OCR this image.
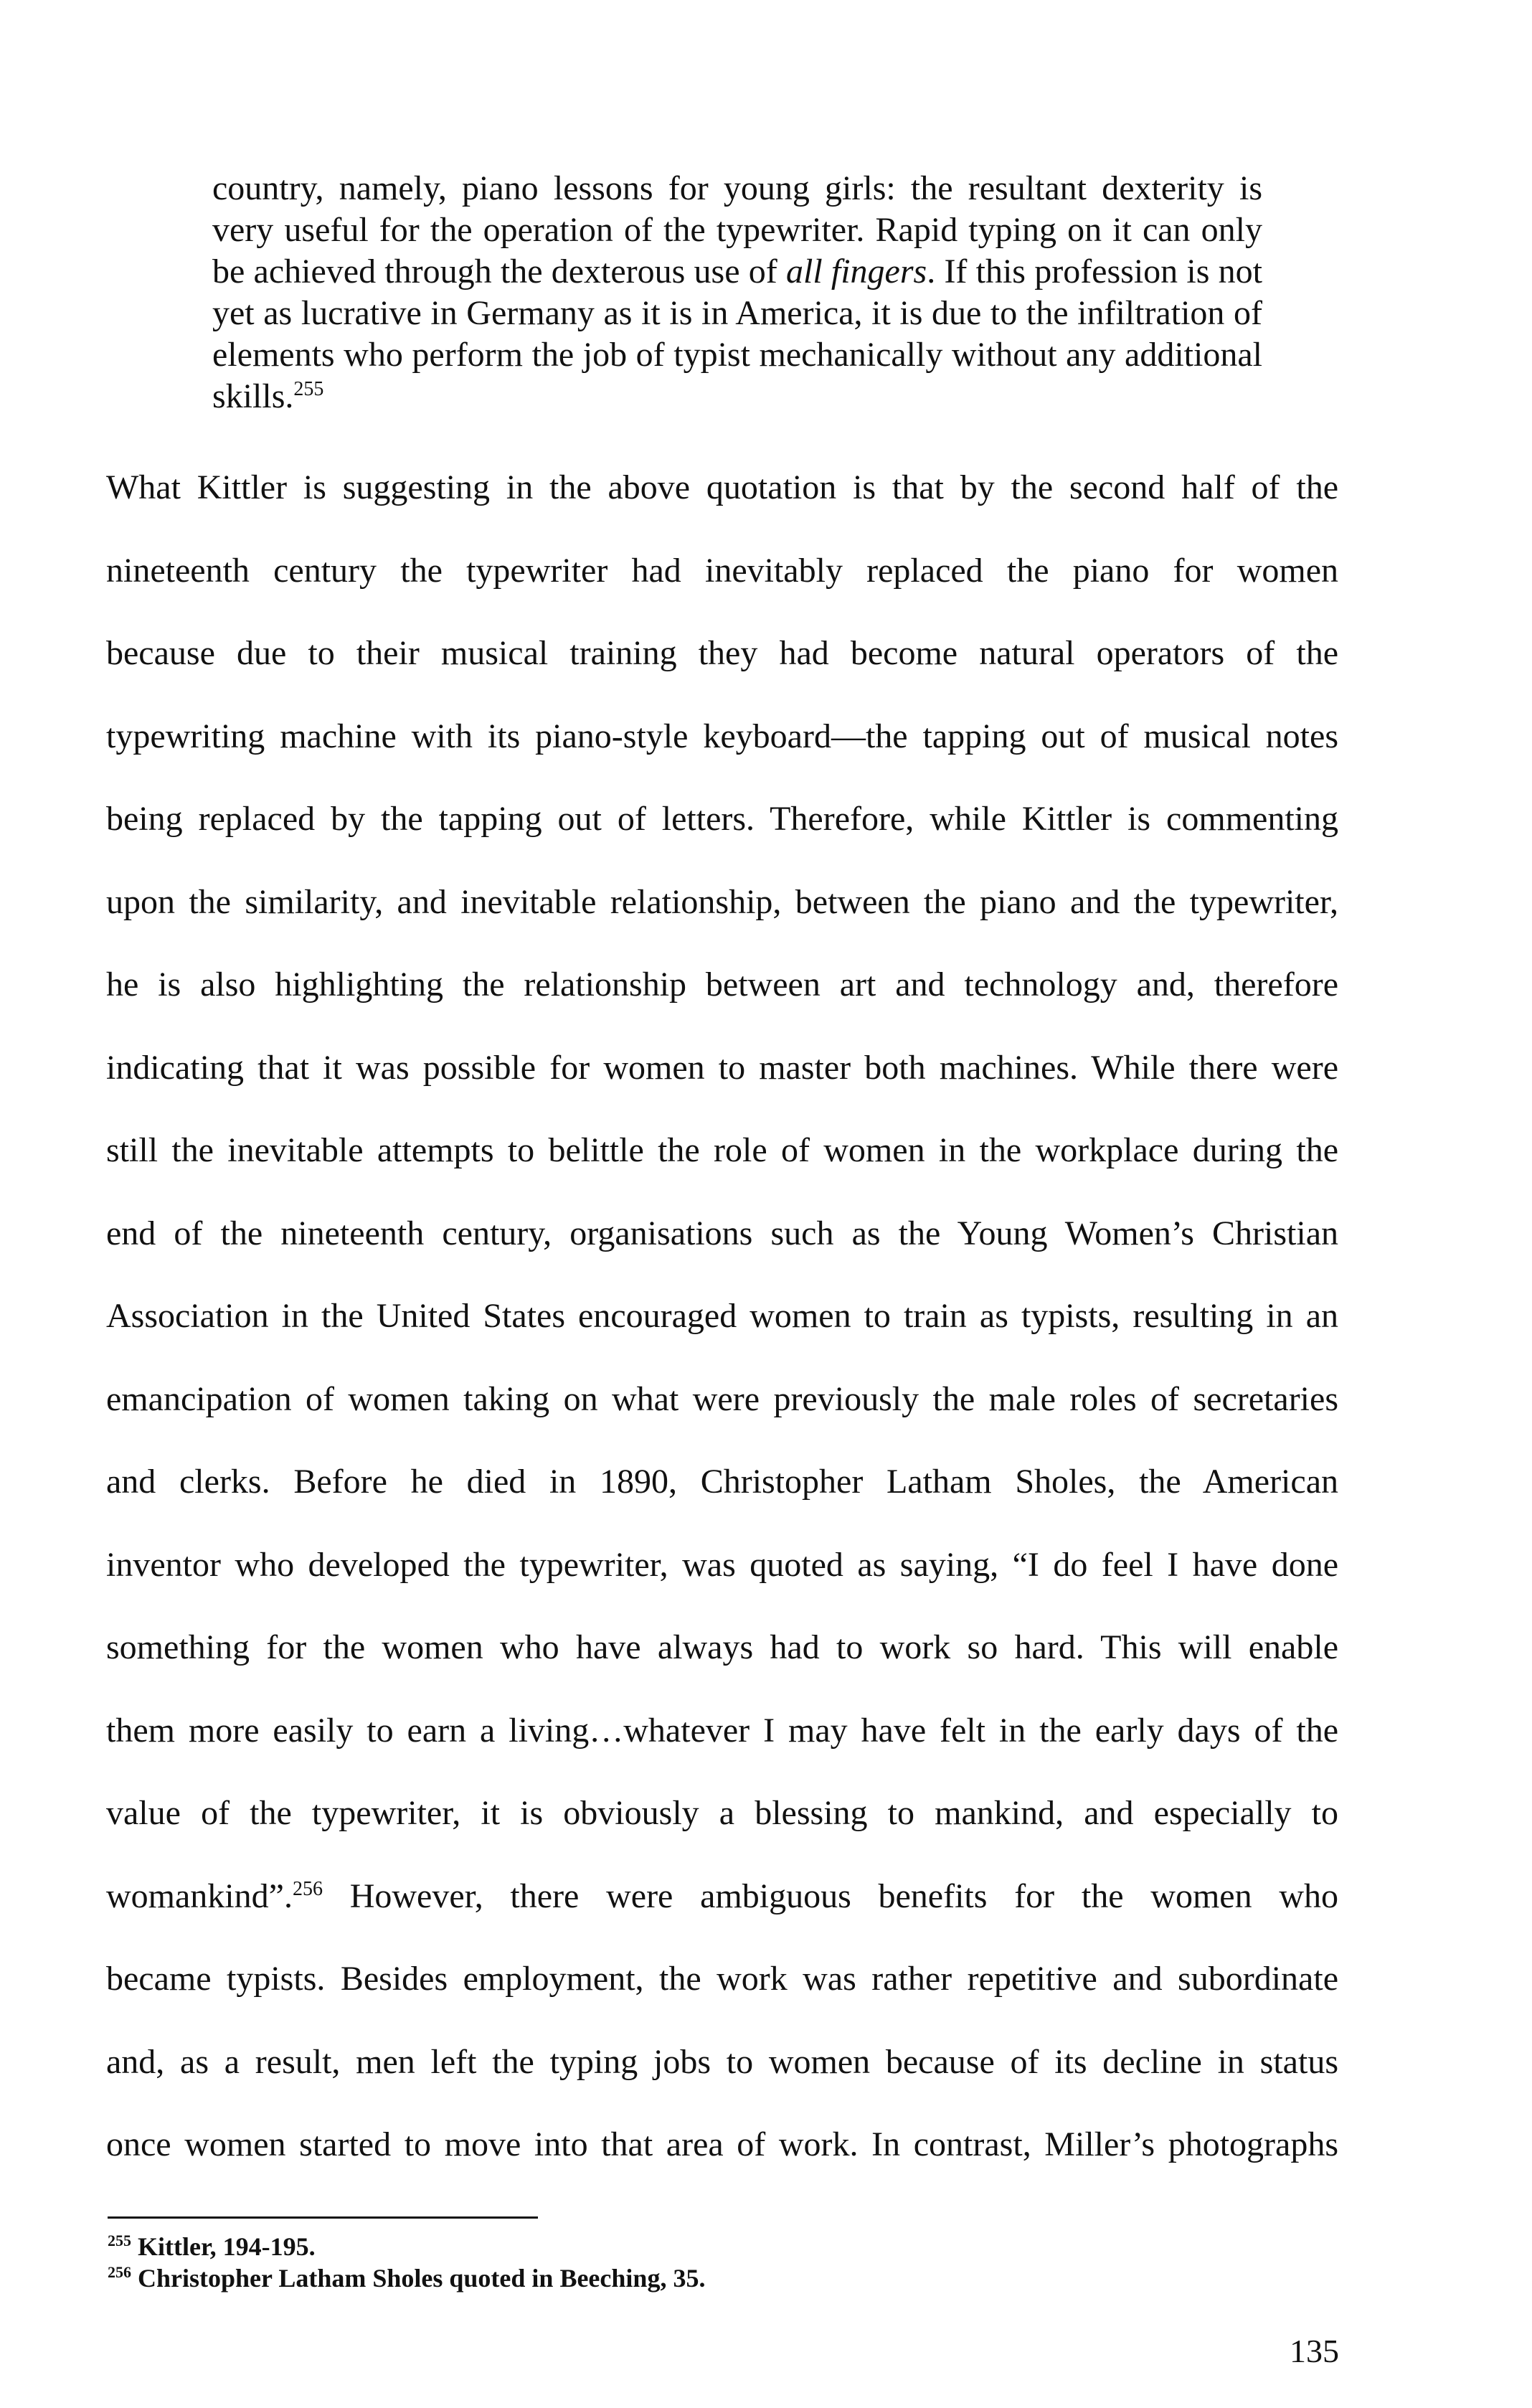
country, namely, piano lessons for young girls: the resultant dexterity is very useful for the operation of the typewriter. Rapid typing on it can only be achieved through the dexterous use of all fingers. If this profession is not yet as lucrative in Germany as it is in America, it is due to the infiltration of elements who perform the job of typist mechanically without any additional skills.$^{255}$
What Kittler is suggesting in the above quotation is that by the second half of the
nineteenth century the typewriter had inevitably replaced the piano for women
because due to their musical training they had become natural operators of the
typewriting machine with its piano-style keyboard—the tapping out of musical notes
being replaced by the tapping out of letters. Therefore, while Kittler is commenting
upon the similarity, and inevitable relationship, between the piano and the typewriter,
he is also highlighting the relationship between art and technology and, therefore
indicating that it was possible for women to master both machines. While there were
still the inevitable attempts to belittle the role of women in the workplace during the
end of the nineteenth century, organisations such as the Young Women’s Christian
Association in the United States encouraged women to train as typists, resulting in an
emancipation of women taking on what were previously the male roles of secretaries
and clerks. Before he died in 1890, Christopher Latham Sholes, the American
inventor who developed the typewriter, was quoted as saying, “I do feel I have done
something for the women who have always had to work so hard. This will enable
them more easily to earn a living…whatever I may have felt in the early days of the
value of the typewriter, it is obviously a blessing to mankind, and especially to
womankind”.$^{256}$ However, there were ambiguous benefits for the women who
became typists. Besides employment, the work was rather repetitive and subordinate
and, as a result, men left the typing jobs to women because of its decline in status
once women started to move into that area of work. In contrast, Miller’s photographs
$^{255}$ Kittler, 194-195.
$^{256}$ Christopher Latham Sholes quoted in Beeching, 35.
135
